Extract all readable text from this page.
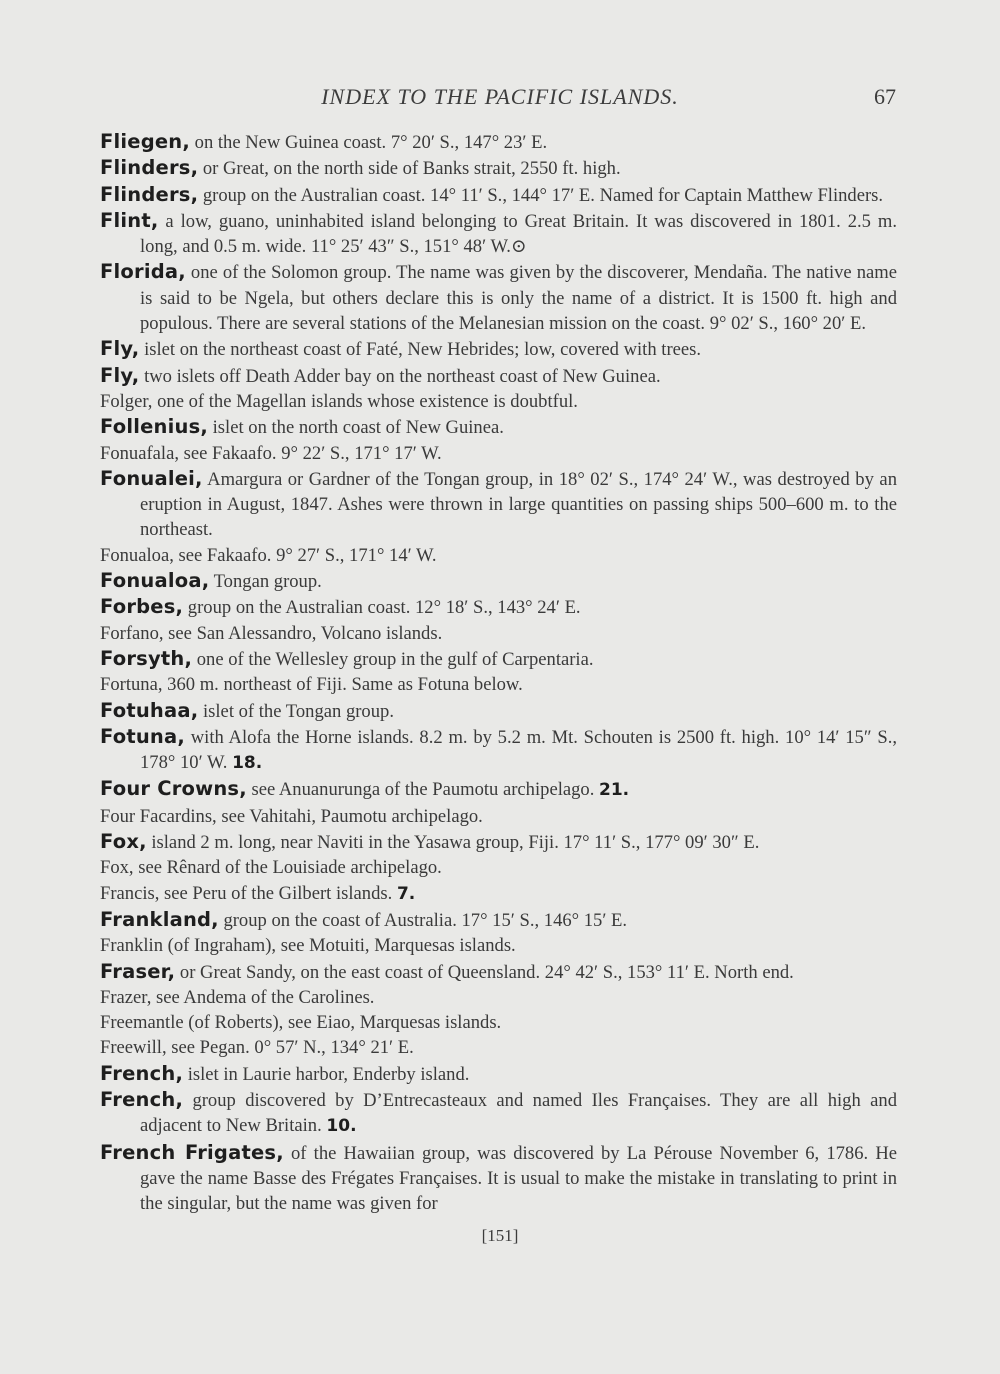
INDEX TO THE PACIFIC ISLANDS.	67

Fliegen, on the New Guinea coast. 7° 20′ S., 147° 23′ E.

Flinders, or Great, on the north side of Banks strait, 2550 ft. high.

Flinders, group on the Australian coast. 14° 11′ S., 144° 17′ E. Named for Captain Matthew Flinders.

Flint, a low, guano, uninhabited island belonging to Great Britain. It was discovered in 1801. 2.5 m. long, and 0.5 m. wide. 11° 25′ 43″ S., 151° 48′ W.⊙

Florida, one of the Solomon group. The name was given by the discoverer, Mendaña. The native name is said to be Ngela, but others declare this is only the name of a district. It is 1500 ft. high and populous. There are several stations of the Melanesian mission on the coast. 9° 02′ S., 160° 20′ E.

Fly, islet on the northeast coast of Faté, New Hebrides; low, covered with trees.

Fly, two islets off Death Adder bay on the northeast coast of New Guinea.

Folger, one of the Magellan islands whose existence is doubtful.

Follenius, islet on the north coast of New Guinea.

Fonuafala, see Fakaafo. 9° 22′ S., 171° 17′ W.

Fonualei, Amargura or Gardner of the Tongan group, in 18° 02′ S., 174° 24′ W., was destroyed by an eruption in August, 1847. Ashes were thrown in large quantities on passing ships 500–600 m. to the northeast.

Fonualoa, see Fakaafo. 9° 27′ S., 171° 14′ W.

Fonualoa, Tongan group.

Forbes, group on the Australian coast. 12° 18′ S., 143° 24′ E.

Forfano, see San Alessandro, Volcano islands.

Forsyth, one of the Wellesley group in the gulf of Carpentaria.

Fortuna, 360 m. northeast of Fiji. Same as Fotuna below.

Fotuhaa, islet of the Tongan group.

Fotuna, with Alofa the Horne islands. 8.2 m. by 5.2 m. Mt. Schouten is 2500 ft. high. 10° 14′ 15″ S., 178° 10′ W. 18.

Four Crowns, see Anuanurunga of the Paumotu archipelago. 21.

Four Facardins, see Vahitahi, Paumotu archipelago.

Fox, island 2 m. long, near Naviti in the Yasawa group, Fiji. 17° 11′ S., 177° 09′ 30″ E.

Fox, see Rênard of the Louisiade archipelago.

Francis, see Peru of the Gilbert islands. 7.

Frankland, group on the coast of Australia. 17° 15′ S., 146° 15′ E.

Franklin (of Ingraham), see Motuiti, Marquesas islands.

Fraser, or Great Sandy, on the east coast of Queensland. 24° 42′ S., 153° 11′ E. North end.

Frazer, see Andema of the Carolines.

Freemantle (of Roberts), see Eiao, Marquesas islands.

Freewill, see Pegan. 0° 57′ N., 134° 21′ E.

French, islet in Laurie harbor, Enderby island.

French, group discovered by D’Entrecasteaux and named Iles Françaises. They are all high and adjacent to New Britain. 10.

French Frigates, of the Hawaiian group, was discovered by La Pérouse November 6, 1786. He gave the name Basse des Frégates Françaises. It is usual to make the mistake in translating to print in the singular, but the name was given for

[151]
